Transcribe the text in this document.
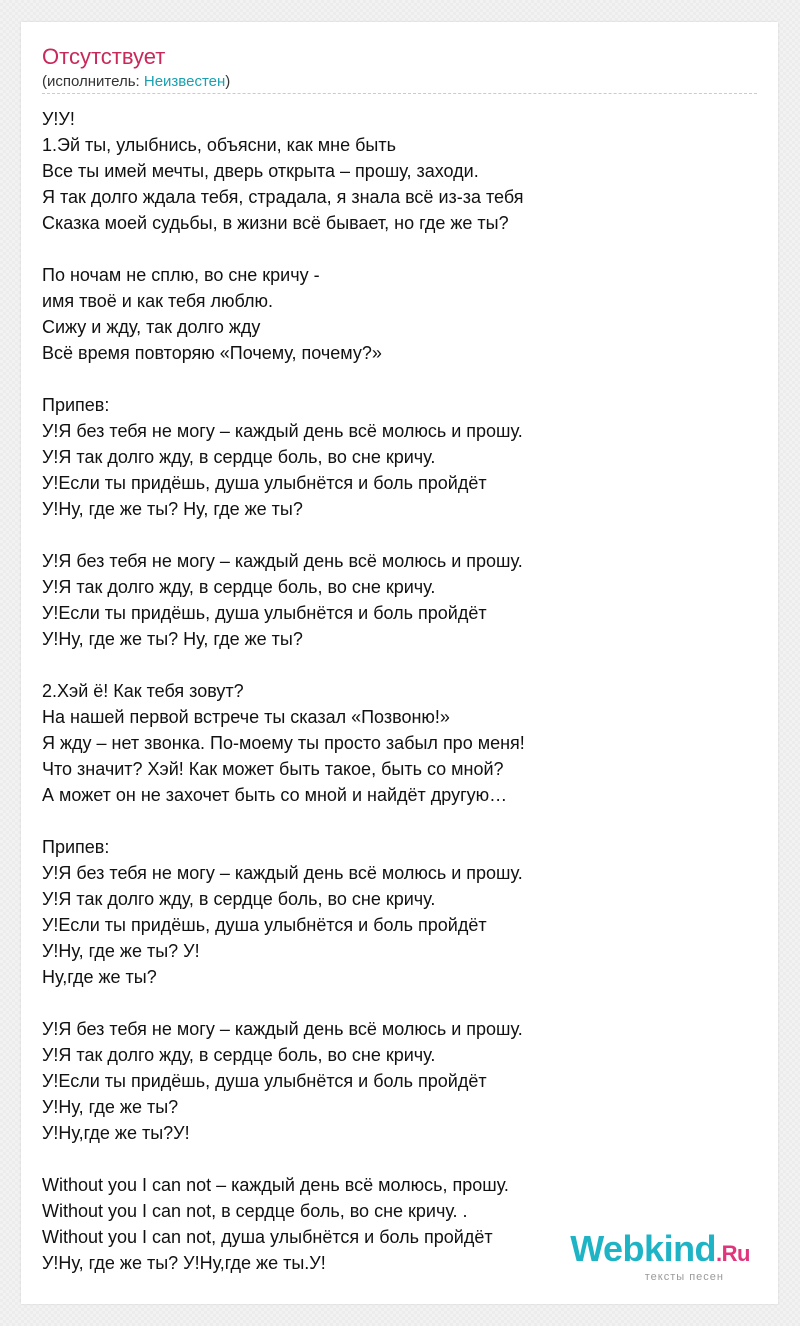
Отсутствует
(исполнитель: Неизвестен)
У!У!
1.Эй ты, улыбнись, объясни, как мне быть
Все ты имей мечты, дверь открыта – прошу, заходи.
Я так долго ждала тебя, страдала, я знала всё из-за тебя
Сказка моей судьбы, в жизни всё бывает, но где же ты?
По ночам не сплю, во сне кричу -
имя твоё и как тебя люблю.
Сижу и жду, так долго жду
Всё время повторяю «Почему, почему?»
Припев:
У!Я без тебя не могу – каждый день всё молюсь и прошу.
У!Я так долго жду, в сердце боль, во сне кричу.
У!Если ты придёшь, душа улыбнётся и боль пройдёт
У!Ну, где же ты? Ну, где же ты?
У!Я без тебя не могу – каждый день всё молюсь и прошу.
У!Я так долго жду, в сердце боль, во сне кричу.
У!Если ты придёшь, душа улыбнётся и боль пройдёт
У!Ну, где же ты? Ну, где же ты?
2.Хэй ё! Как тебя зовут?
На нашей первой встрече ты сказал «Позвоню!»
Я жду – нет звонка. По-моему ты просто забыл про меня!
Что значит? Хэй! Как может быть такое, быть со мной?
А может он не захочет быть со мной и найдёт другую…
Припев:
У!Я без тебя не могу – каждый день всё молюсь и прошу.
У!Я так долго жду, в сердце боль, во сне кричу.
У!Если ты придёшь, душа улыбнётся и боль пройдёт
У!Ну, где же ты? У!
Ну,где же ты?
У!Я без тебя не могу – каждый день всё молюсь и прошу.
У!Я так долго жду, в сердце боль, во сне кричу.
У!Если ты придёшь, душа улыбнётся и боль пройдёт
У!Ну, где же ты?
У!Ну,где же ты?У!
Without you I can not – каждый день всё молюсь, прошу.
Without you I can not, в сердце боль, во сне кричу. .
Without you I can not, душа улыбнётся и боль пройдёт
У!Ну, где же ты? У!Ну,где же ты.У!	Webkind.Ru
тексты песен
